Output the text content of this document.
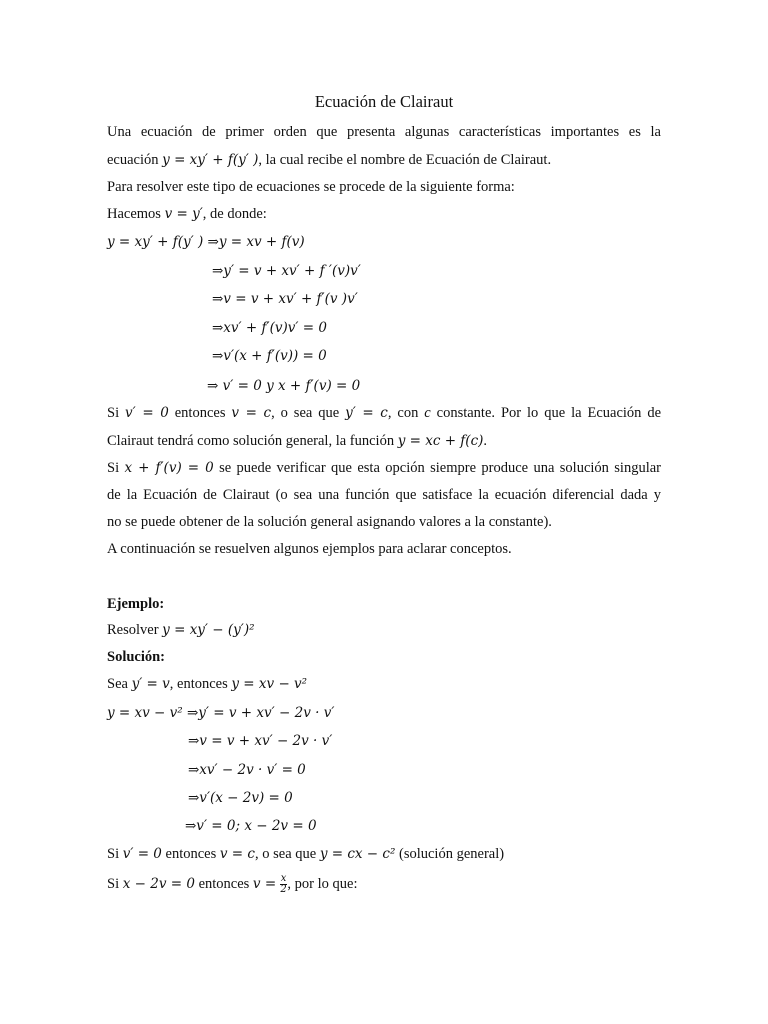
Ecuación de Clairaut
Una ecuación de primer orden que presenta algunas características importantes es la
ecuación y = xy′ + f(y′ ), la cual recibe el nombre de Ecuación de Clairaut.
Para resolver este tipo de ecuaciones se procede de la siguiente forma:
Hacemos v = y′, de donde:
y = xy′ + f(y′ ) ⇒y = xv + f(v)
⇒y′ = v + xv′ + f ′(v)v′
⇒v = v + xv′ + f′(v )v′
⇒xv′ + f′(v)v′ = 0
⇒v′(x + f′(v)) = 0
⇒ v′ = 0 y x + f′(v) = 0
Si v′ = 0 entonces v = c, o sea que y′ = c, con c constante. Por lo que la Ecuación de
Clairaut tendrá como solución general, la función y = xc + f(c).
Si x + f′(v) = 0 se puede verificar que esta opción siempre produce una solución singular
de la Ecuación de Clairaut (o sea una función que satisface la ecuación diferencial dada y
no se puede obtener de la solución general asignando valores a la constante).
A continuación se resuelven algunos ejemplos para aclarar conceptos.
Ejemplo:
Resolver y = xy′ − (y′)²
Solución:
Sea y′ = v, entonces y = xv − v²
y = xv − v² ⇒y′ = v + xv′ − 2v · v′
⇒v = v + xv′ − 2v · v′
⇒xv′ − 2v · v′ = 0
⇒v′(x − 2v) = 0
⇒v′ = 0; x − 2v = 0
Si v′ = 0 entonces v = c, o sea que y = cx − c² (solución general)
Si x − 2v = 0 entonces $v = \frac{x}{2}$ , por lo que:
